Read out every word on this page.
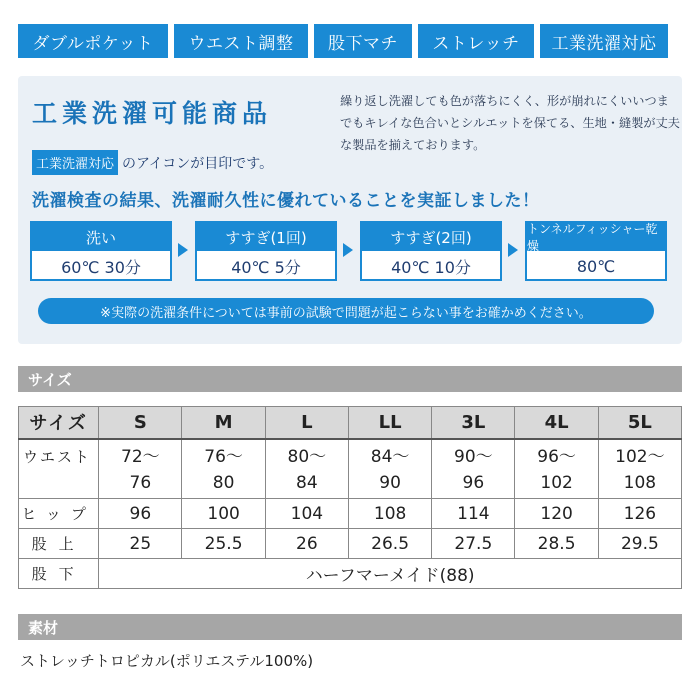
ダブルポケット	ウエスト調整	股下マチ	ストレッチ	工業洗濯対応
工業洗濯可能商品	繰り返し洗濯しても色が落ちにくく、形が崩れにくいいつまでもキレイな色合いとシルエットを保てる、生地・縫製が丈夫な製品を揃えております。
工業洗濯対応 のアイコンが目印です。
洗濯検査の結果、洗濯耐久性に優れていることを実証しました！
洗い
60℃ 30分
すすぎ(1回)
40℃ 5分
すすぎ(2回)
40℃ 10分
トンネルフィッシャー乾燥
80℃
※実際の洗濯条件については事前の試験で問題が起こらない事をお確かめください。
サイズ
サイズ	S	M	L	LL	3L	4L	5L
ウエスト	72〜	76〜	80〜	84〜	90〜	96〜	102〜
	76	80	84	90	96	102	108
ヒップ	96	100	104	108	114	120	126
股上	25	25.5	26	26.5	27.5	28.5	29.5
股下	ハーフマーメイド(88)						
素材
ストレッチトロピカル(ポリエステル100%)
